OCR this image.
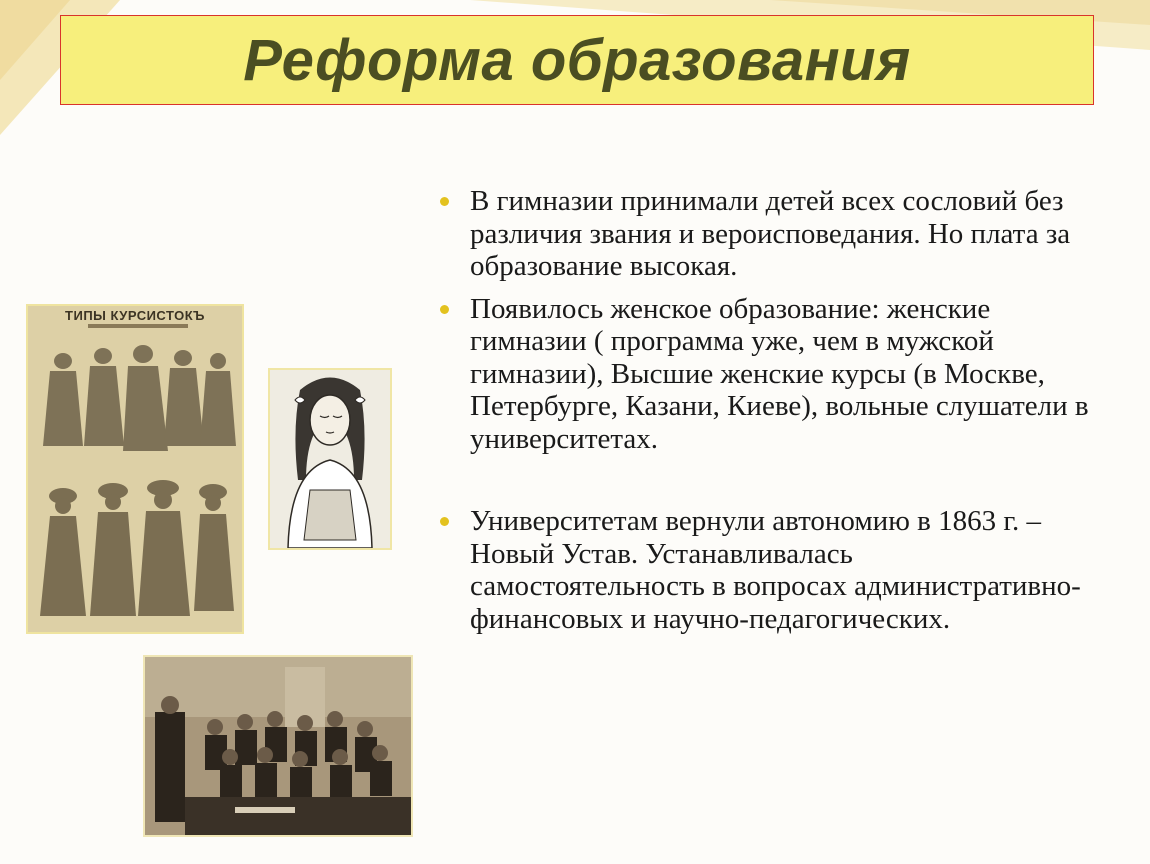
Реформа образования
ТИПЫ КУРСИСТОКЪ
В гимназии принимали детей всех сословий без различия звания и вероисповедания. Но плата за образование высокая.
Появилось женское образование: женские гимназии ( программа уже, чем в мужской гимназии), Высшие женские курсы (в Москве, Петербурге, Казани, Киеве), вольные слушатели в университетах.
Университетам вернули автономию в 1863 г. – Новый Устав. Устанавливалась самостоятельность в вопросах административно-финансовых и научно-педагогических.
